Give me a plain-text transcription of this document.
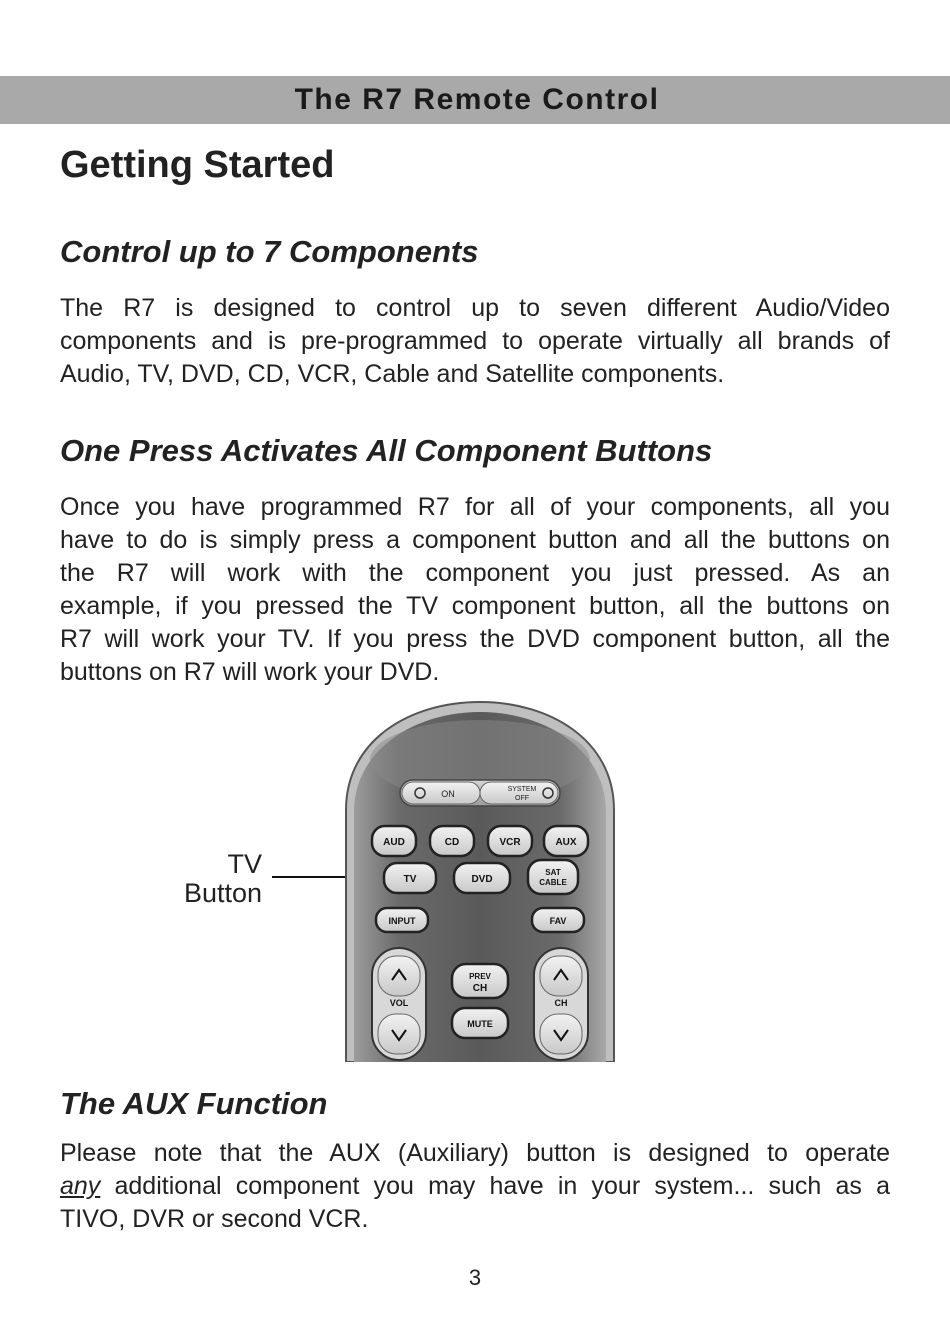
The R7 Remote Control
Getting Started
Control up to 7 Components

The R7 is designed to control up to seven different Audio/Video
components and is pre-programmed to operate virtually all brands of
Audio, TV, DVD, CD, VCR, Cable and Satellite components.

One Press Activates All Component Buttons

Once you have programmed R7 for all of your components, all you
have to do is simply press a component button and all the buttons on
the R7 will work with the component you just pressed. As an
example, if you pressed the TV component button, all the buttons on
R7 will work your TV. If you press the DVD component button, all the
buttons on R7 will work your DVD.

TV
Button
ON	SYSTEM
OFF
AUD	CD	VCR	AUX
TV	DVD
SAT
CABLE
INPUT	FAV
VOL	CH
PREV
CH
MUTE
The AUX Function

Please note that the AUX (Auxiliary) button is designed to operate
any additional component you may have in your system... such as a
TIVO, DVR or second VCR.

3
